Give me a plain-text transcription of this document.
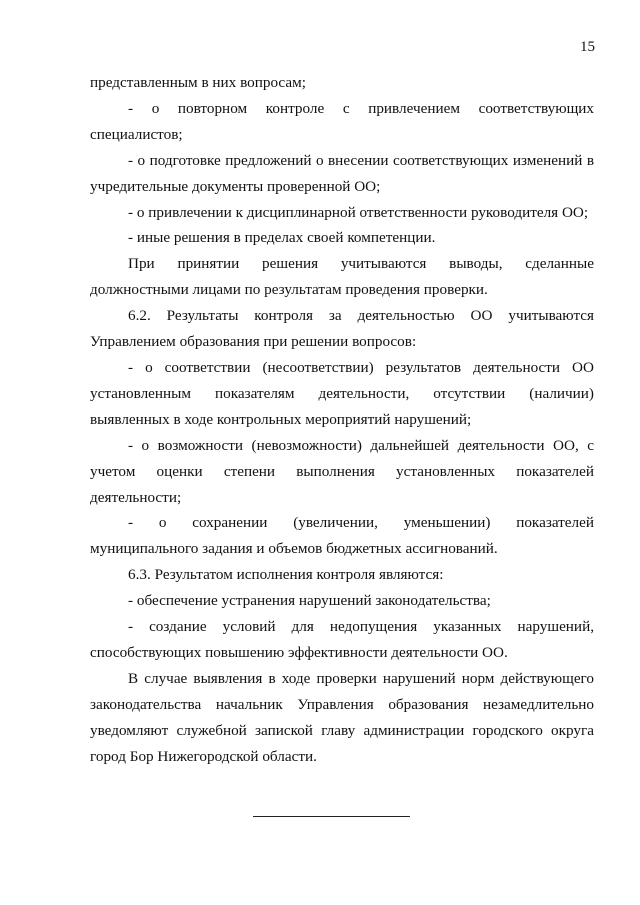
15

представленным в них вопросам;

- о повторном контроле с привлечением соответствующих специалистов;

- о подготовке предложений о внесении соответствующих изменений в учредительные документы проверенной ОО;

- о привлечении к дисциплинарной ответственности руководителя ОО;

- иные решения в пределах своей компетенции.

При принятии решения учитываются выводы, сделанные должностными лицами по результатам проведения проверки.

6.2. Результаты контроля за деятельностью ОО учитываются Управлением образования при решении вопросов:

- о соответствии (несоответствии) результатов деятельности ОО установленным показателям деятельности, отсутствии (наличии) выявленных в ходе контрольных мероприятий нарушений;

- о возможности (невозможности) дальнейшей деятельности ОО, с учетом оценки степени выполнения установленных показателей деятельности;

- о сохранении (увеличении, уменьшении) показателей муниципального задания и объемов бюджетных ассигнований.

6.3. Результатом исполнения контроля являются:

- обеспечение устранения нарушений законодательства;

- создание условий для недопущения указанных нарушений, способствующих повышению эффективности деятельности ОО.

В случае выявления в ходе проверки нарушений норм действующего законодательства начальник Управления образования незамедлительно уведомляют служебной запиской главу администрации городского округа город Бор Нижегородской области.
